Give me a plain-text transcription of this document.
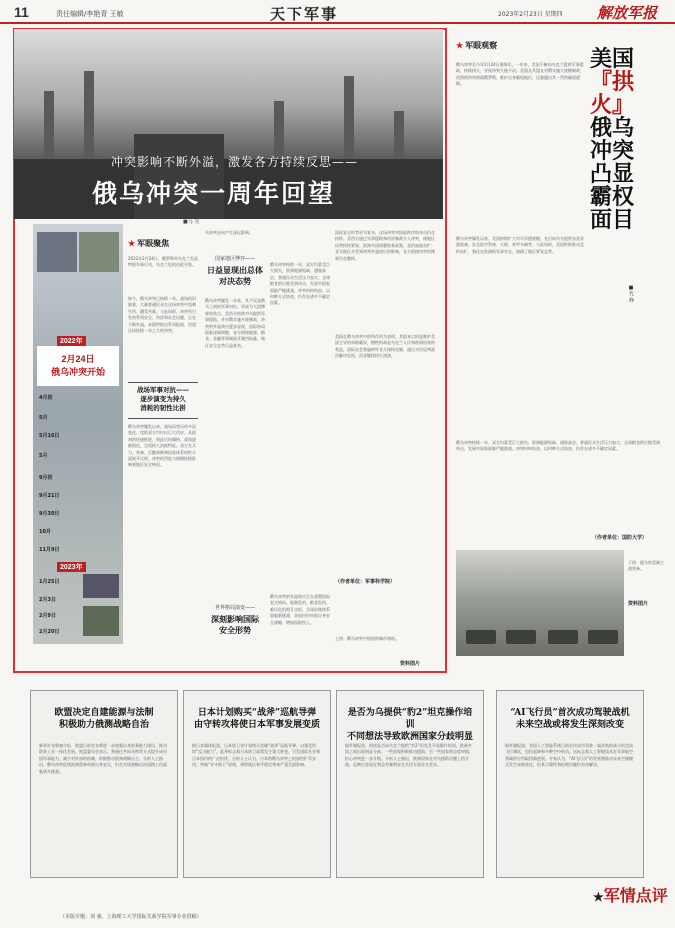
11	责任编辑/李艳青 王敏	天下军事	2023年2月23日 星期四 解放军报
冲突影响不断外溢，激发各方持续反思——
俄乌冲突一周年回望
■马 克
2022年
2月24日
俄乌冲突开始
4月初
5月
5月16日
5月
9月初
9月21日
9月30日
10月
11月9日
2023年
1月25日
2月3日
2月9日
2月20日
★ 军眼聚焦
2022年2月24日，俄罗斯对乌克兰发起特别军事行动，乌克兰危机由此升级。
如今，俄乌冲突已持续一年。战场依旧胶着，大量普通民众在这场冲突中流离失所、遭受苦难。与此同时，冲突所引发的系列安全、经济和社会问题，正在不断外溢。本版特推出系列报道，回望这场持续一年之久的冲突。
战场军事对抗——
逐步演变为持久
消耗的韧性比拼
俄乌冲突爆发以来，战场局势历经多次变化，攻防双方均付出巨大代价。从最初的快速推进，到此后的僵持，战线逐渐固化，呈现持久消耗特征。双方在兵力、装备、后勤保障和国家体系韧性方面展开比拼，冲突的烈度与规模持续影响着地区安全格局。
乌冲突走向产生深远影响。
国家地区博弈——
日益显现出总体
对决态势
俄乌冲突爆发一年来，其不仅是俄乌之间的军事对抗，更成为大国博弈的焦点。美西方持续对乌提供军事援助，并对俄实施多轮制裁，冲突的外溢效应逐步显现，国际格局面临深刻调整，各方围绕能源、粮食、金融等领域展开激烈较量，地区安全态势日益复杂。
世界格局演变——
深刻影响国际
安全形势
俄乌冲突的外溢效应正在重塑国际安全格局。能源危机、粮食危机、难民危机相互交织，全球治理体系面临新挑战，各国纷纷审视自身安全战略，增加国防投入。
国际安全形势更为复杂，这场冲突对国际秩序的冲击仍在持续。美西方通过军事援助和经济制裁介入冲突，使地区局势持续紧张；欧洲多国调整防务政策，北约加速东扩；亚太地区亦受到冲突外溢效应的影响，各方围绕冲突的博弈仍在继续。
俄乌冲突持续一年，双方均蒙受巨大损失。欧洲能源短缺、通胀高企，普通民众生活压力加大；全球粮食供应链受到冲击，发展中国家面临严峻挑战。冲突何时结束、以何种方式结束，仍存在诸多不确定因素。
美国在俄乌冲突中的所作所为表明，其根本目的是维护美国主导的单极霸权，牺牲的却是乌克兰人民和欧洲国家的利益。国际社会普遍呼吁各方保持克制，通过对话谈判政治解决危机，而非继续拱火浇油。
（作者单位：军事科学院）
上图：俄乌冲突中损毁的城市建筑。
资料图片
★ 军眼观察
美国『拱火』俄乌冲突凸显霸权面目
■代 峥
俄乌冲突至今年2月24日满周年。一年来，美国不断向乌克兰提供军事援助，持续拱火，导致冲突久拖不决。美国及其盟友对俄实施大规模制裁，试图借冲突削弱俄罗斯，维护自身霸权地位，这暴露出其一贯的霸权逻辑。
俄乌冲突爆发以来，美国持续扩大对乌军援规模，先后向乌方提供各类武器装备，涉及防空系统、火炮、装甲车辆等。与此同时，美国积极推动北约东扩，强化在欧洲的军事存在，加剧了地区紧张态势。
俄乌冲突持续一年，双方均蒙受巨大损失。欧洲能源短缺、通胀高企，普通民众生活压力加大；全球粮食供应链受到冲击，发展中国家面临严峻挑战。冲突何时结束、以何种方式结束，仍存在诸多不确定因素。
（作者单位：国防大学）
下图：援乌的美制主战装备。
资料图片
欧盟决定自建能源与法制
积极助力俄测战略自治
新华社布鲁塞尔电　欧盟日前宣布将进一步加强自身防务能力建设，推动防务工业一体化发展。欧盟委员会表示，将通过共同采购等方式提升成员国军事能力，减少对外部的依赖，积极推动欧洲战略自主。分析人士指出，俄乌冲突促使欧洲重新审视自身安全，但在实现战略自治道路上仍面临诸多挑战。
日本计划购买“战斧”巡航导弹
由守转攻将使日本军事发展变质
据日本媒体报道，日本防卫省计划购买美制“战斧”巡航导弹，以强化所谓“反击能力”。此举标志着日本防卫政策发生重大转变，引发国际社会和日本国内的广泛担忧。分析人士认为，日本借俄乌冲突之机加快扩军步伐，突破“专守防卫”原则，将给地区和平稳定带来严重负面影响。
是否为乌提供“豹2”坦克操作培训
不同想法导致欧洲国家分歧明显
据外媒报道，围绕是否向乌克兰提供“豹2”坦克及开展操作培训，欧洲多国之间出现明显分歧。一些国家积极推动援助，另一些国家则态度审慎，担心冲突进一步升级。分析人士指出，欧洲国家在对乌援助问题上的分歧，反映出各国在利益考量和安全关切方面存在差异。
“AI飞行员”首次成功驾驶战机
未来空战或将发生深刻改变
据外媒报道，美国人工智能系统日前首次成功驾驶一架改装的战斗机完成飞行测试，包括起降和多种空中机动。这标志着人工智能技术在军事航空领域的应用取得新进展。专家认为，“AI飞行员”的发展将推动未来空战模式发生深刻变化，但其可靠性和伦理问题仍有待解决。
（本版专题：刘 强，上海理工大学国际关系学院军事专业供稿）
★军情点评
